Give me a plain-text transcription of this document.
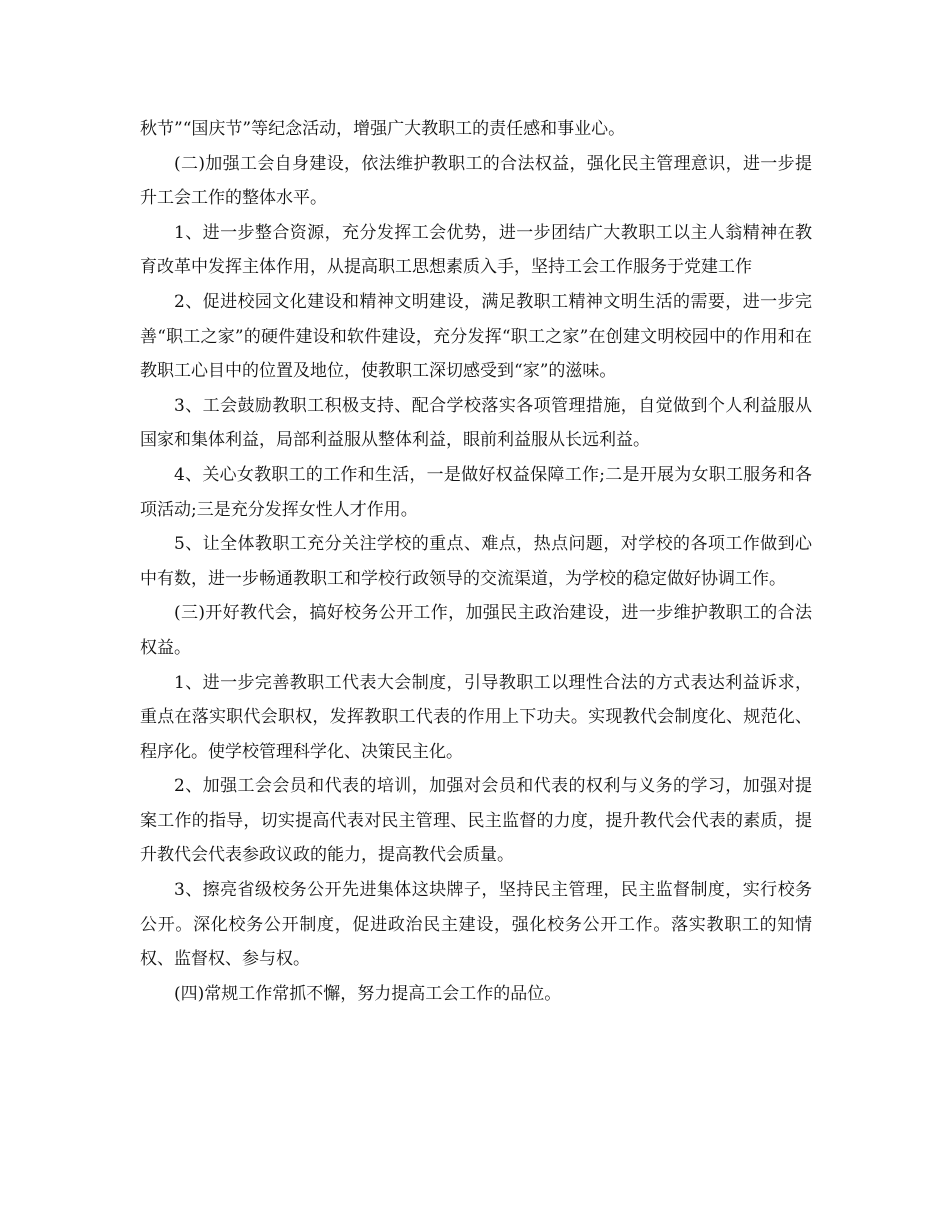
秋节”“国庆节”等纪念活动，增强广大教职工的责任感和事业心。

(二)加强工会自身建设，依法维护教职工的合法权益，强化民主管理意识，进一步提升工会工作的整体水平。

1、进一步整合资源，充分发挥工会优势，进一步团结广大教职工以主人翁精神在教育改革中发挥主体作用，从提高职工思想素质入手，坚持工会工作服务于党建工作

2、促进校园文化建设和精神文明建设，满足教职工精神文明生活的需要，进一步完善“职工之家”的硬件建设和软件建设，充分发挥“职工之家”在创建文明校园中的作用和在教职工心目中的位置及地位，使教职工深切感受到“家”的滋味。

3、工会鼓励教职工积极支持、配合学校落实各项管理措施，自觉做到个人利益服从国家和集体利益，局部利益服从整体利益，眼前利益服从长远利益。

4、关心女教职工的工作和生活，一是做好权益保障工作;二是开展为女职工服务和各项活动;三是充分发挥女性人才作用。

5、让全体教职工充分关注学校的重点、难点，热点问题，对学校的各项工作做到心中有数，进一步畅通教职工和学校行政领导的交流渠道，为学校的稳定做好协调工作。

(三)开好教代会，搞好校务公开工作，加强民主政治建设，进一步维护教职工的合法权益。

1、进一步完善教职工代表大会制度，引导教职工以理性合法的方式表达利益诉求，重点在落实职代会职权，发挥教职工代表的作用上下功夫。实现教代会制度化、规范化、程序化。使学校管理科学化、决策民主化。

2、加强工会会员和代表的培训，加强对会员和代表的权利与义务的学习，加强对提案工作的指导，切实提高代表对民主管理、民主监督的力度，提升教代会代表的素质，提升教代会代表参政议政的能力，提高教代会质量。

3、擦亮省级校务公开先进集体这块牌子，坚持民主管理，民主监督制度，实行校务公开。深化校务公开制度，促进政治民主建设，强化校务公开工作。落实教职工的知情权、监督权、参与权。

(四)常规工作常抓不懈，努力提高工会工作的品位。
